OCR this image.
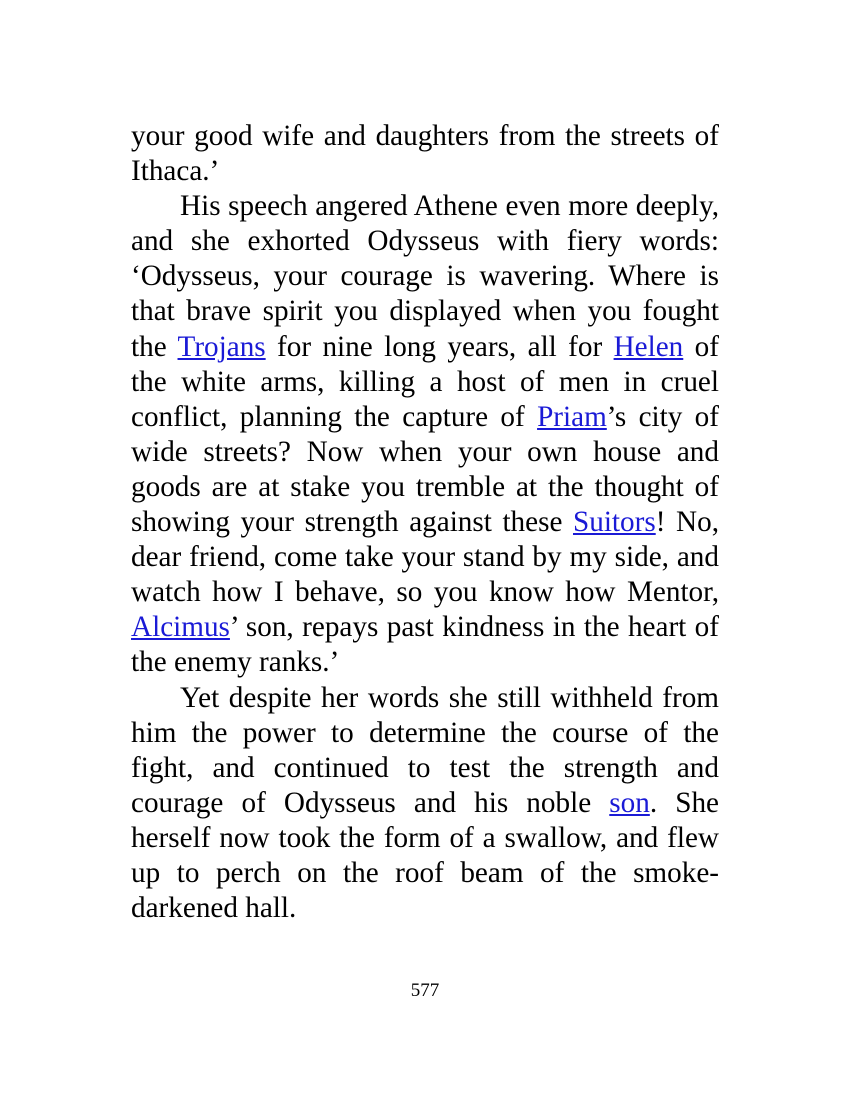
your good wife and daughters from the streets of Ithaca.’

His speech angered Athene even more deeply, and she exhorted Odysseus with fiery words: ‘Odysseus, your courage is wavering. Where is that brave spirit you displayed when you fought the Trojans for nine long years, all for Helen of the white arms, killing a host of men in cruel conflict, planning the capture of Priam’s city of wide streets? Now when your own house and goods are at stake you tremble at the thought of showing your strength against these Suitors! No, dear friend, come take your stand by my side, and watch how I behave, so you know how Mentor, Alcimus’ son, repays past kindness in the heart of the enemy ranks.’

Yet despite her words she still withheld from him the power to determine the course of the fight, and continued to test the strength and courage of Odysseus and his noble son. She herself now took the form of a swallow, and flew up to perch on the roof beam of the smoke-darkened hall.

577
